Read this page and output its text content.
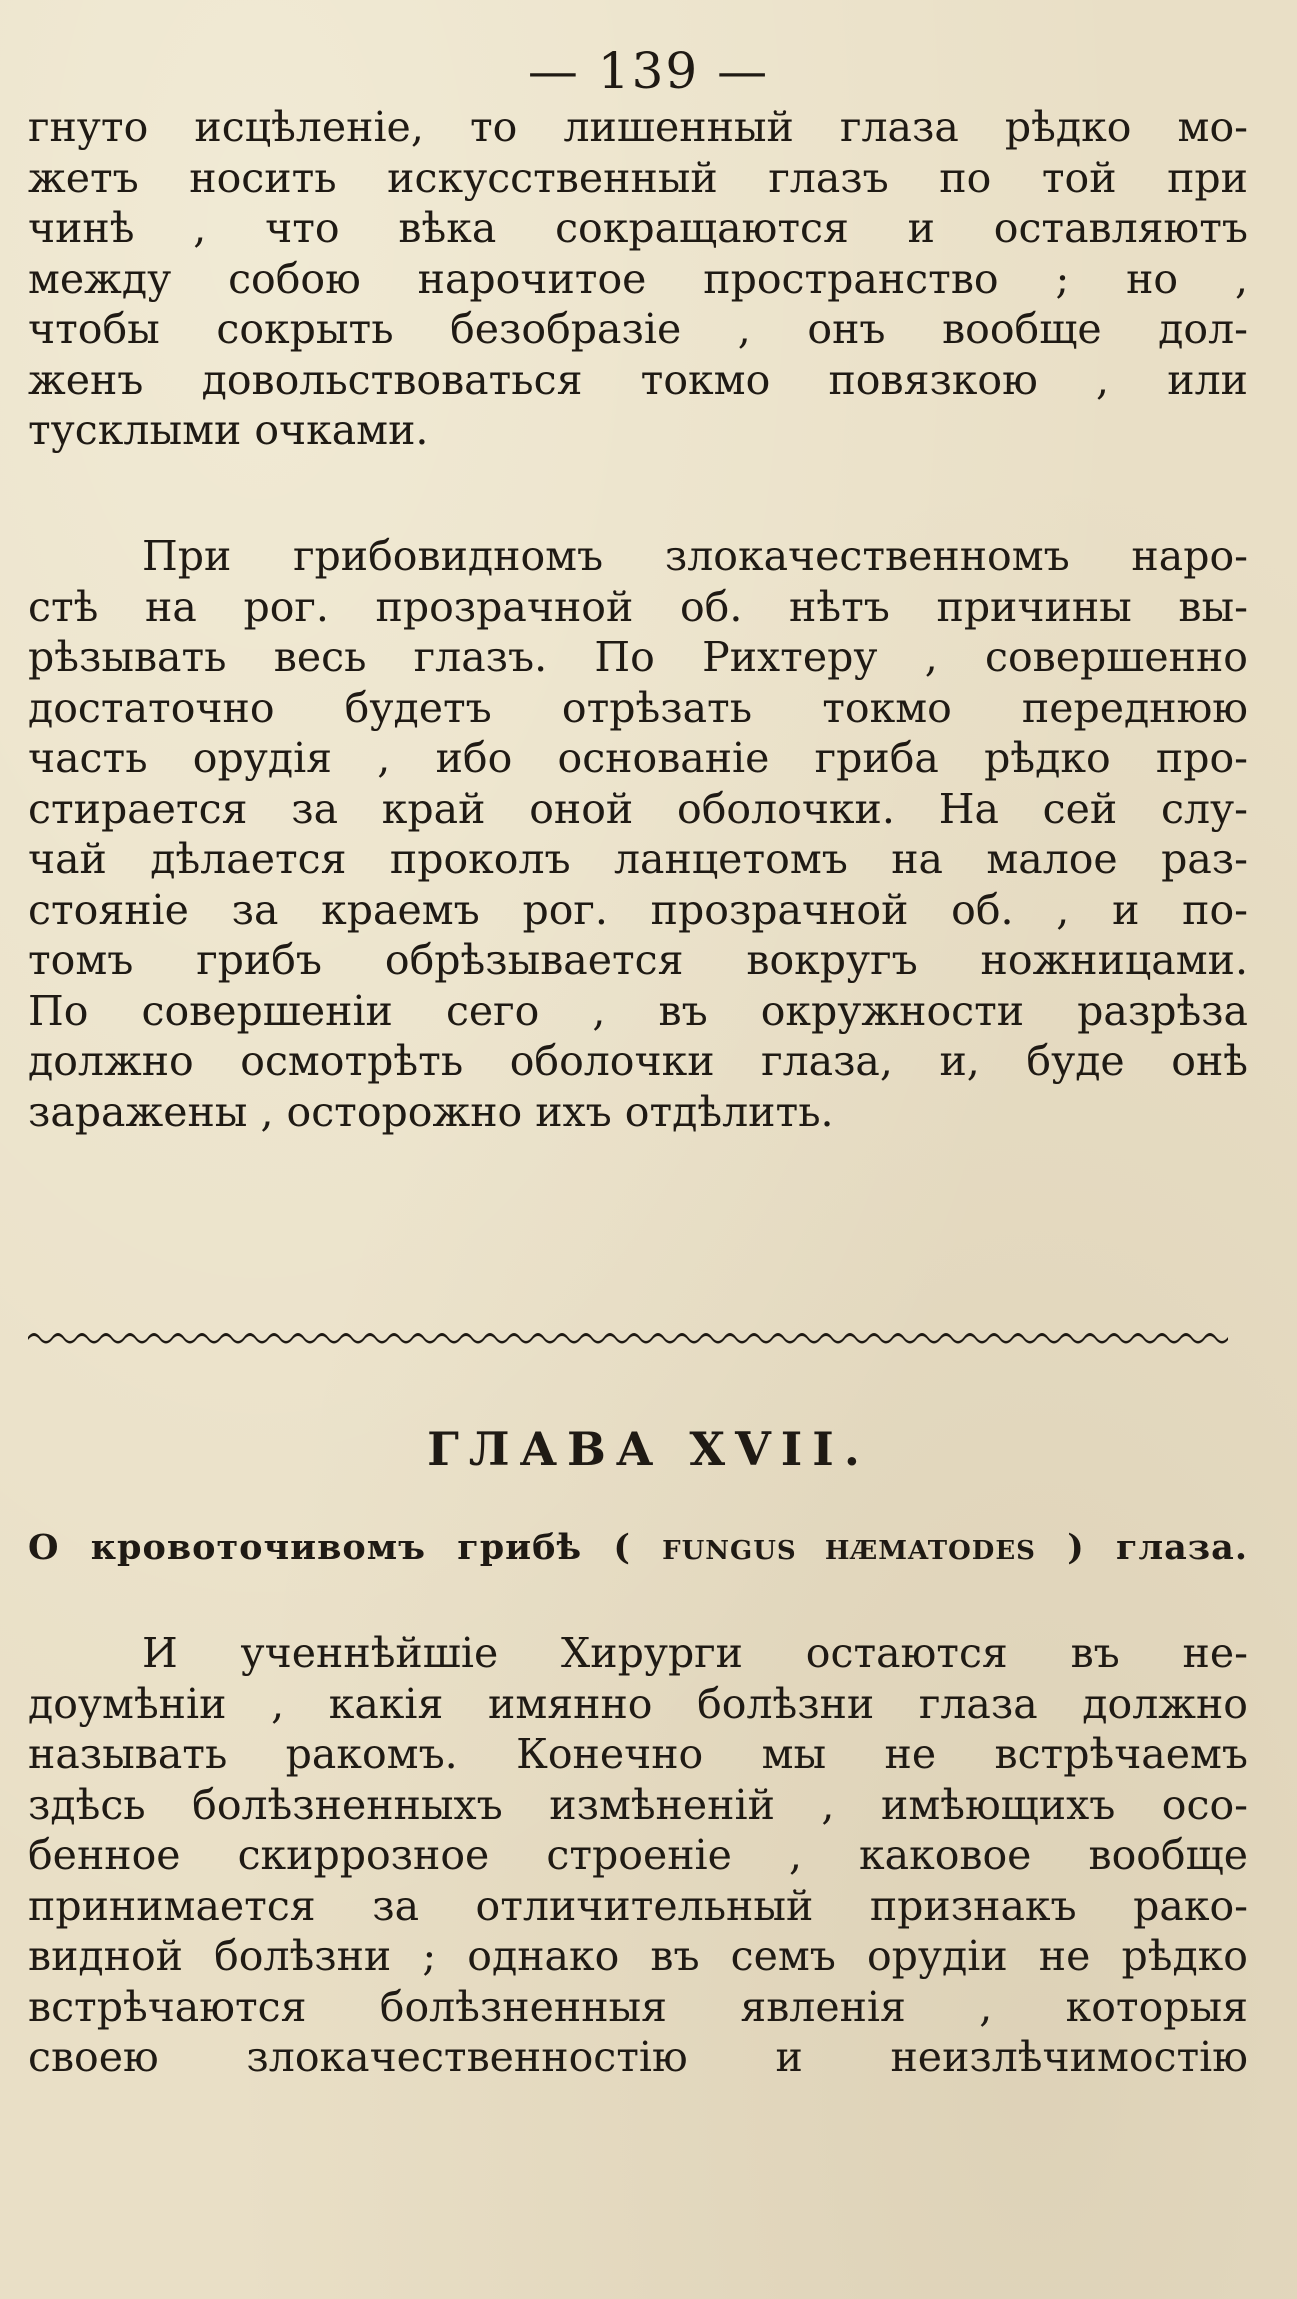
— 139 —
гнуто исцѣленіе, то лишенный глаза рѣдко мо-
жетъ носить искусственный глазъ по той при
чинѣ , что вѣка сокращаются и оставляютъ
между собою нарочитое пространство ; но ,
чтобы сокрыть безобразіе , онъ вообще дол-
женъ довольствоваться токмо повязкою , или
тусклыми очками.
При грибовидномъ злокачественномъ наро-
стѣ на рог. прозрачной об. нѣтъ причины вы-
рѣзывать весь глазъ. По Рихтеру , совершенно
достаточно будетъ отрѣзать токмо переднюю
часть орудія , ибо основаніе гриба рѣдко про-
стирается за край оной оболочки. На сей слу-
чай дѣлается проколъ ланцетомъ на малое раз-
стояніе за краемъ рог. прозрачной об. , и по-
томъ грибъ обрѣзывается вокругъ ножницами.
По совершеніи сего , въ окружности разрѣза
должно осмотрѣть оболочки глаза, и, буде онѣ
заражены , осторожно ихъ отдѣлить.
ГЛАВА XVII.
О кровоточивомъ грибѣ ( FUNGUS HÆMATODES ) глаза.
И ученнѣйшіе Хирурги остаются въ не-
доумѣніи , какія имянно болѣзни глаза должно
называть ракомъ. Конечно мы не встрѣчаемъ
здѣсь болѣзненныхъ измѣненій , имѣющихъ осо-
бенное скиррозное строеніе , каковое вообще
принимается за отличительный признакъ рако-
видной болѣзни ; однако въ семъ орудіи не рѣдко
встрѣчаются болѣзненныя явленія , которыя
своею злокачественностію и неизлѣчимостію
